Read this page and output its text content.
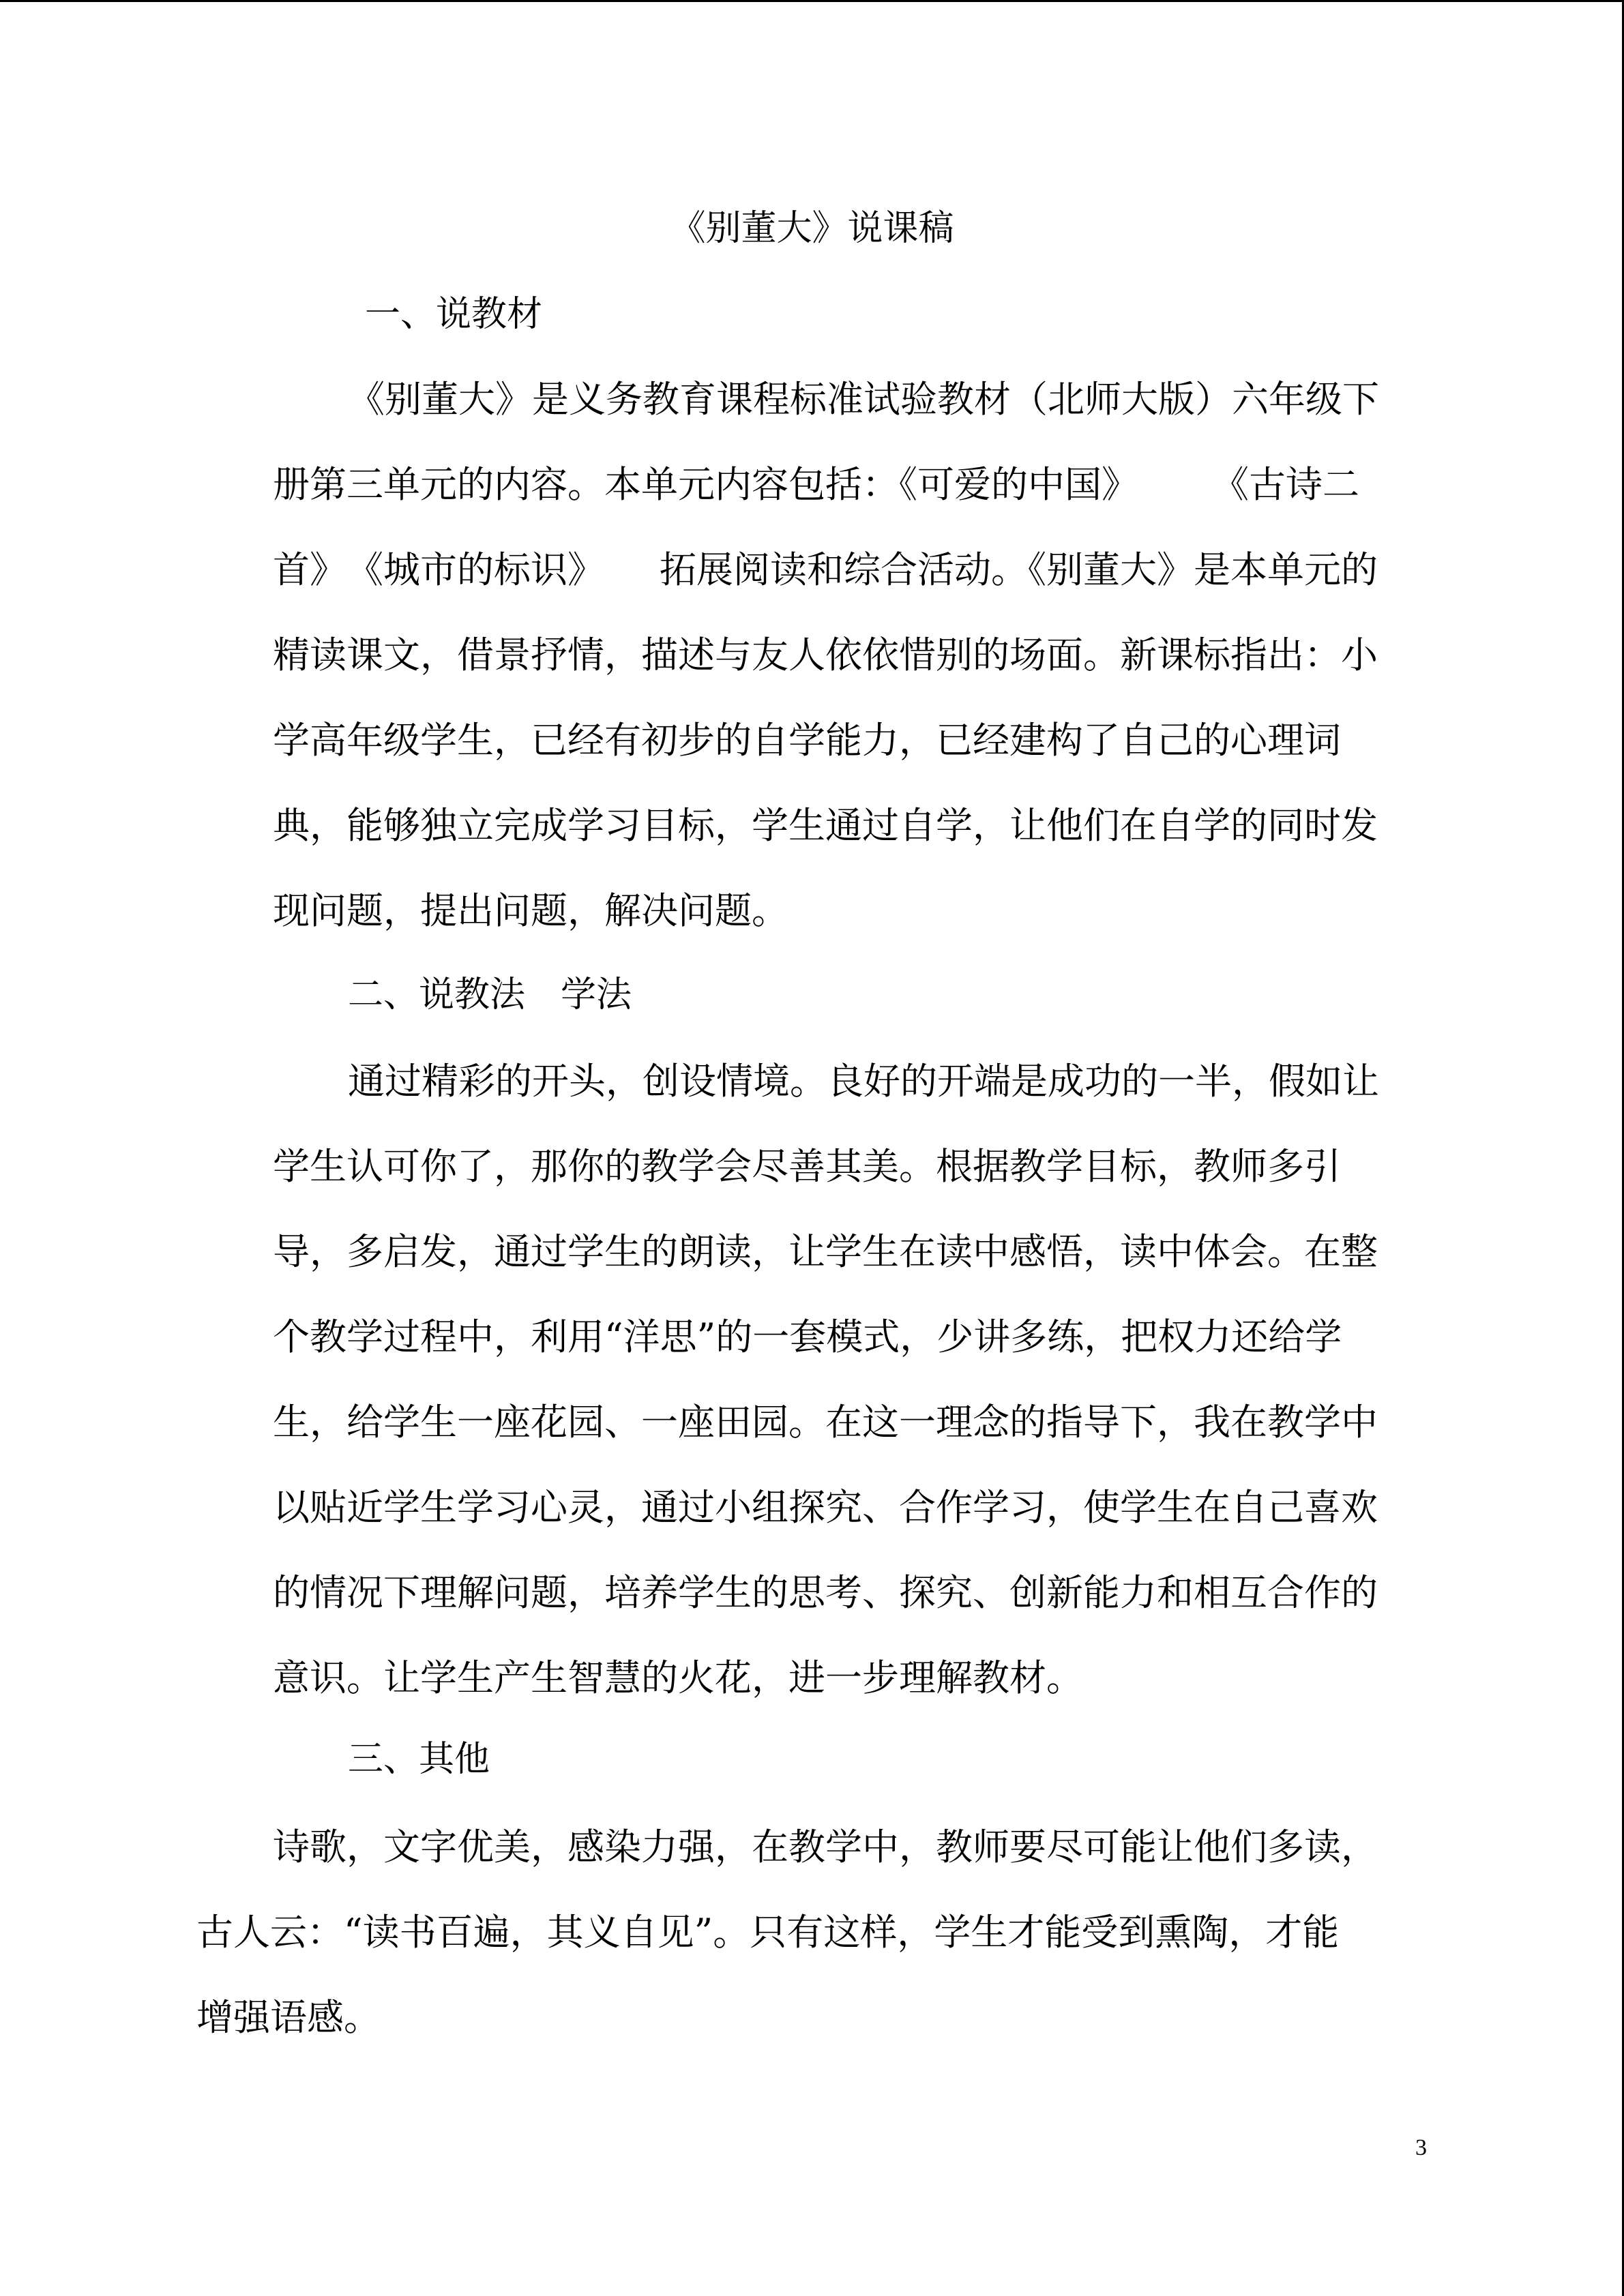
《别董大》说课稿
一、说教材
《别董大》是义务教育课程标准试验教材（北师大版）六年级下
册第三单元的内容。本单元内容包括：《可爱的中国》　　　《古诗二
首》　《城市的标识》　　拓展阅读和综合活动。《别董大》是本单元的
精读课文，借景抒情，描述与友人依依惜别的场面。新课标指出：小
学高年级学生，已经有初步的自学能力，已经建构了自己的心理词
典，能够独立完成学习目标，学生通过自学，让他们在自学的同时发
现问题，提出问题，解决问题。
二、说教法　学法
通过精彩的开头，创设情境。良好的开端是成功的一半，假如让
学生认可你了，那你的教学会尽善其美。根据教学目标，教师多引
导，多启发，通过学生的朗读，让学生在读中感悟，读中体会。在整
个教学过程中，利用“洋思”的一套模式，少讲多练，把权力还给学
生，给学生一座花园、一座田园。在这一理念的指导下，我在教学中
以贴近学生学习心灵，通过小组探究、合作学习，使学生在自己喜欢
的情况下理解问题，培养学生的思考、探究、创新能力和相互合作的
意识。让学生产生智慧的火花，进一步理解教材。
三、其他
诗歌，文字优美，感染力强，在教学中，教师要尽可能让他们多读，
古人云：“读书百遍，其义自见”。只有这样，学生才能受到熏陶，才能
增强语感。
3
